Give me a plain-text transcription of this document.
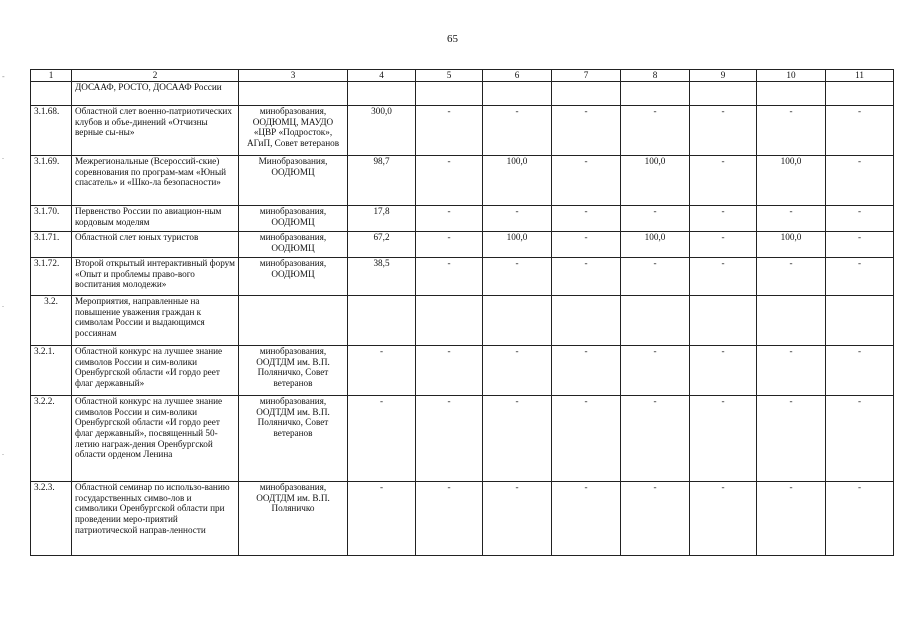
65
-
.
.
.
1	2	3	4	5	6	7	8	9	10	11
	ДОСААФ, РОСТО, ДОСААФ России									
3.1.68.	Областной слет военно-патриотических клубов и объе-динений «Отчизны верные сы-ны»	минобразования, ООДЮМЦ, МАУДО «ЦВР «Подросток», АГиП, Совет ветеранов	300,0	-	-	-	-	-	-	-
3.1.69.	Межрегиональные (Всероссий-ские) соревнования по програм-мам «Юный спасатель» и «Шко-ла безопасности»	Минобразования, ООДЮМЦ	98,7	-	100,0	-	100,0	-	100,0	-
3.1.70.	Первенство России по авиацион-ным кордовым моделям	минобразования, ООДЮМЦ	17,8	-	-	-	-	-	-	-
3.1.71.	Областной слет юных туристов	минобразования, ООДЮМЦ	67,2	-	100,0	-	100,0	-	100,0	-
3.1.72.	Второй открытый интерактивный форум «Опыт и проблемы право-вого воспитания молодежи»	минобразования, ООДЮМЦ	38,5	-	-	-	-	-	-	-
3.2.	Мероприятия, направленные на повышение уважения граждан к символам России и выдающимся россиянам									
3.2.1.	Областной конкурс на лучшее знание символов России и сим-волики Оренбургской области «И гордо реет флаг державный»	минобразования, ООДТДМ им. В.П. Поляничко, Совет ветеранов	-	-	-	-	-	-	-	-
3.2.2.	Областной конкурс на лучшее знание символов России и сим-волики Оренбургской области «И гордо реет флаг державный», посвященный 50-летию награж-дения Оренбургской области орденом Ленина	минобразования, ООДТДМ им. В.П. Поляничко, Совет ветеранов	-	-	-	-	-	-	-	-
3.2.3.	Областной семинар по использо-ванию государственных симво-лов и символики Оренбургской области при проведении меро-приятий патриотической направ-ленности	минобразования, ООДТДМ им. В.П. Поляничко	-	-	-	-	-	-	-	-
